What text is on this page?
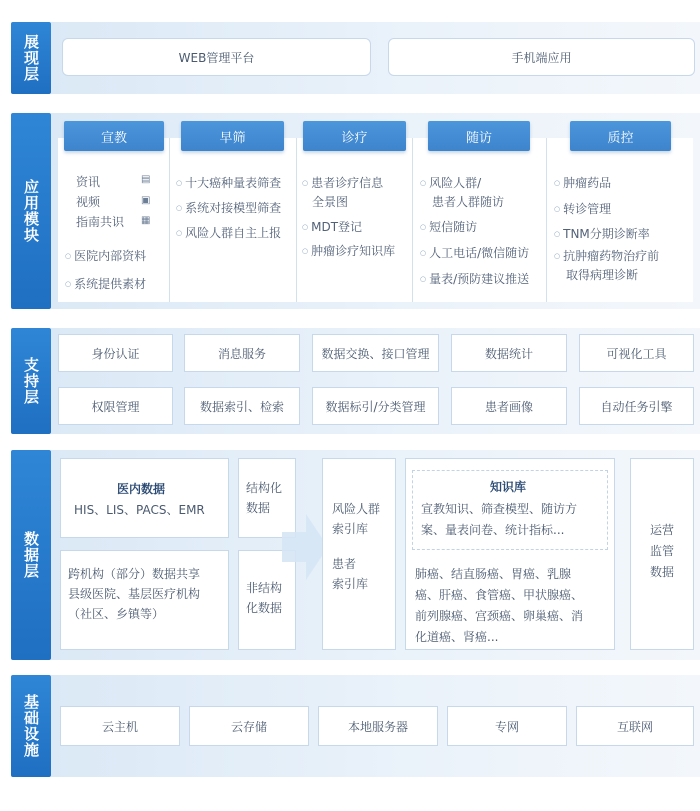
展现层	WEB管理平台	手机端应用
应用模块
宣教	早筛	诊疗	随访	质控
资讯	▤
视频	▣
指南共识 ▦
○ 医院内部资料
○ 系统提供素材
○ 十大癌种量表筛查
○ 系统对接模型筛查
○ 风险人群自主上报
○ 患者诊疗信息
全景图
○ MDT登记
○ 肿瘤诊疗知识库
○ 风险人群/
患者人群随访
○ 短信随访
○ 人工电话/微信随访
○ 量表/预防建议推送
○ 肿瘤药品
○ 转诊管理
○ TNM分期诊断率
○ 抗肿瘤药物治疗前
取得病理诊断
支持层
身份认证	消息服务	数据交换、接口管理	数据统计	可视化工具
权限管理	数据索引、检索	数据标引/分类管理	患者画像	自动任务引擎
数据层
医内数据
HIS、LIS、PACS、EMR
跨机构（部分）数据共享
县级医院、基层医疗机构
（社区、乡镇等）
结构化
数据
非结构
化数据
风险人群
索引库
患者
索引库
知识库
宣教知识、筛查模型、随访方
案、量表问卷、统计指标...
肺癌、结直肠癌、胃癌、乳腺
癌、肝癌、食管癌、甲状腺癌、
前列腺癌、宫颈癌、卵巢癌、消
化道癌、肾癌...
运营
监管
数据
基础设施	云主机	云存储	本地服务器	专网	互联网
